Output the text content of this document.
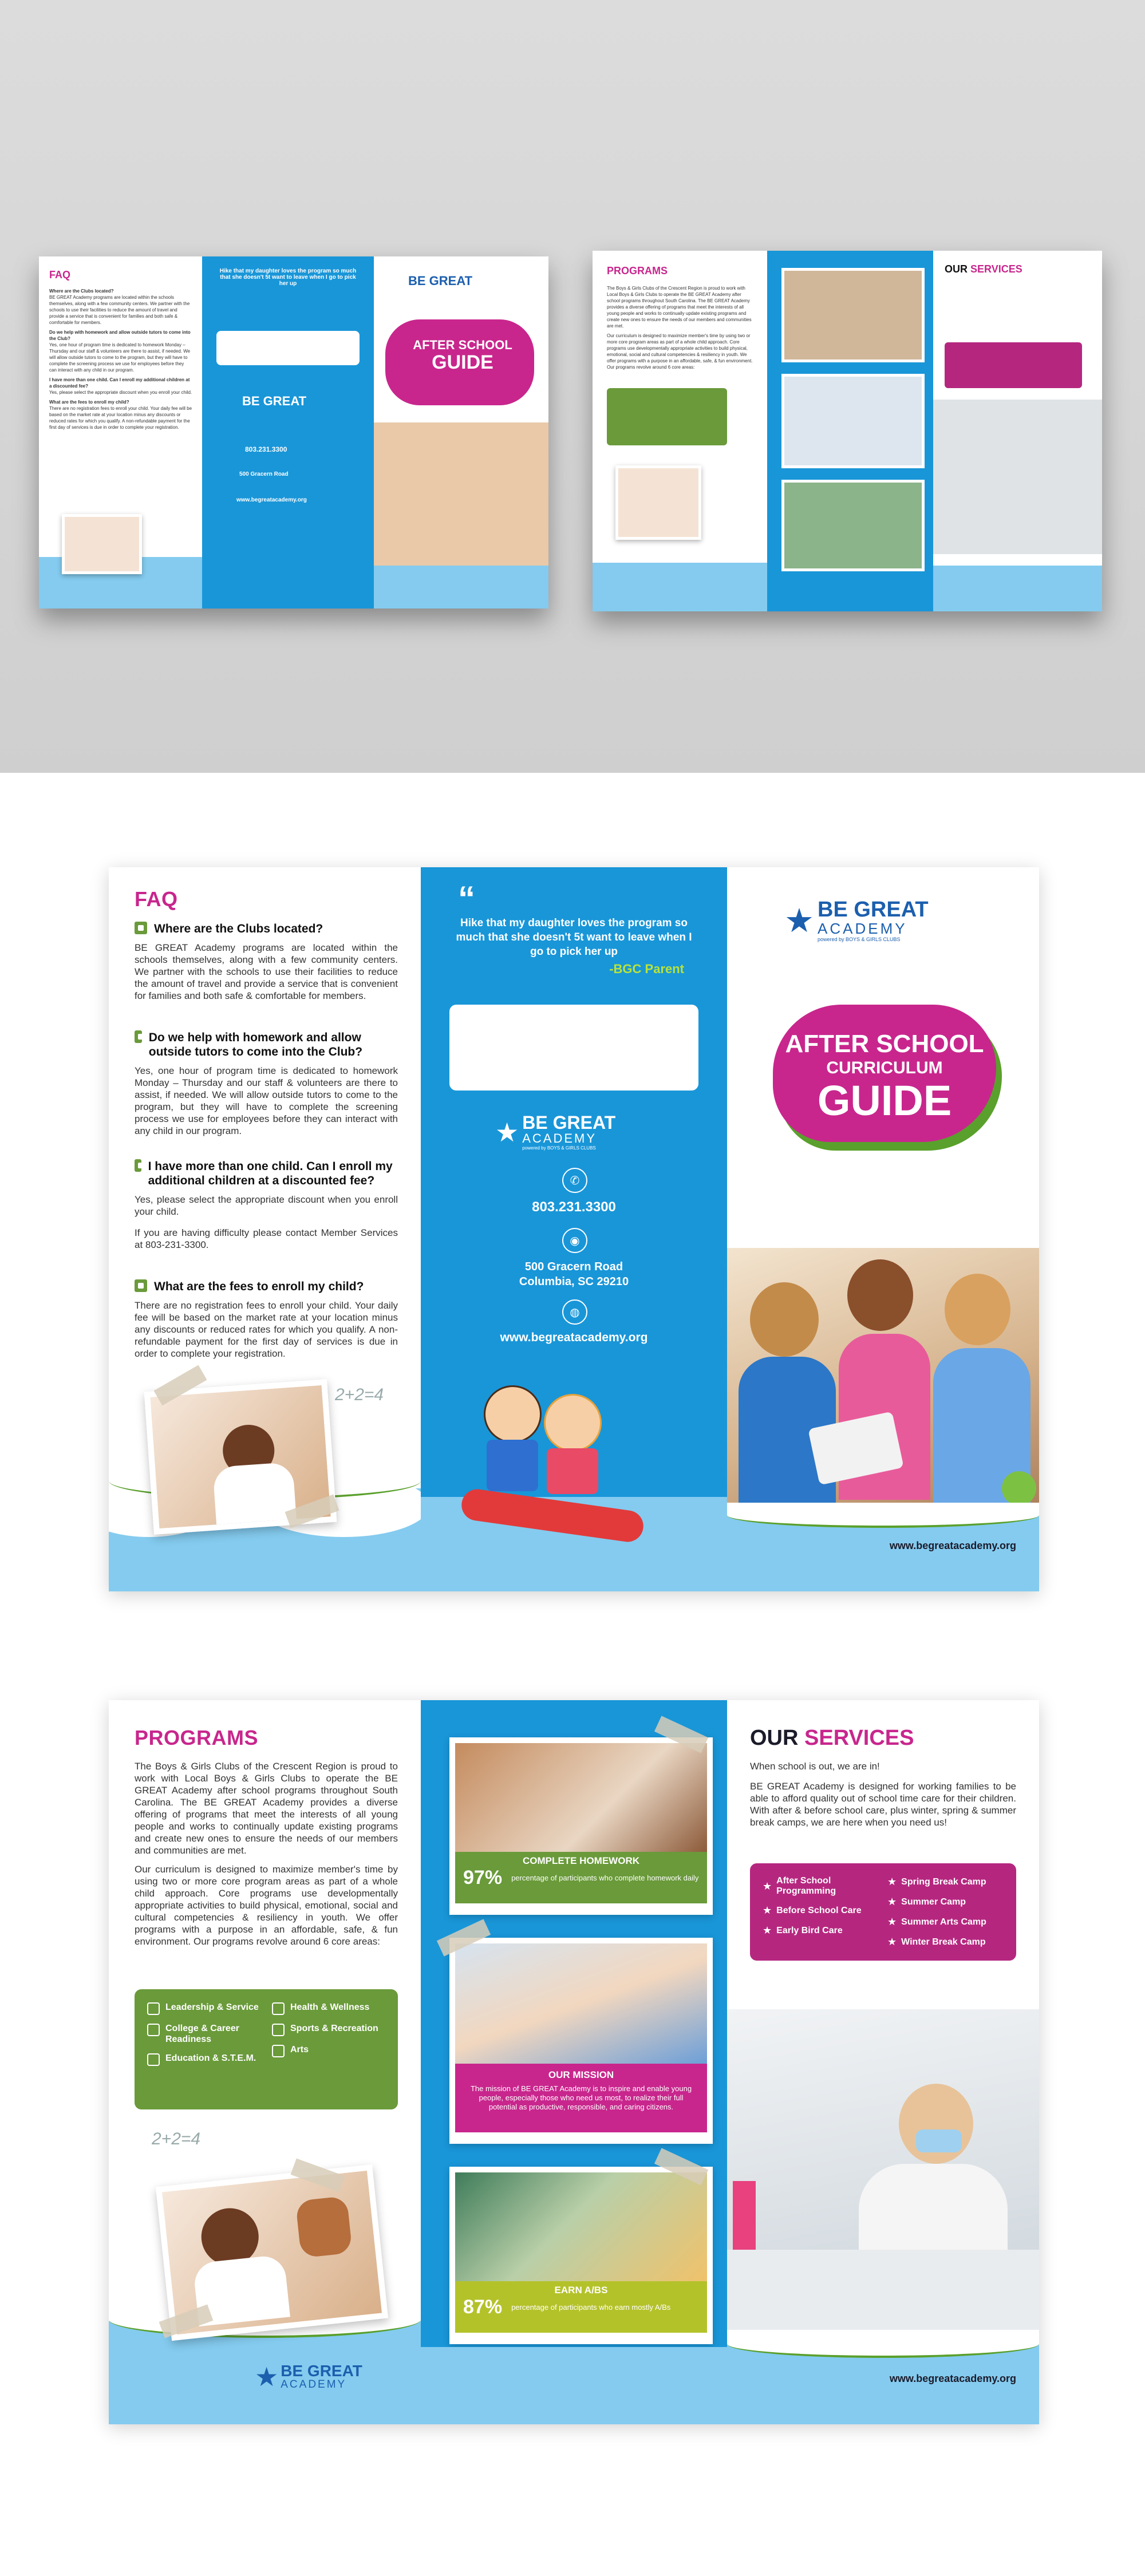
FAQ

Where are the Clubs located?

BE GREAT Academy programs are located within the schools themselves, along with a few community centers. We partner with the schools to use their facilities to reduce the amount of travel and provide a service that is convenient for families and both safe & comfortable for members.

Do we help with homework and allow outside tutors to come into the Club?

Yes, one hour of program time is dedicated to homework Monday – Thursday and our staff & volunteers are there to assist, if needed. We will allow outside tutors to come to the program, but they will have to complete the screening process we use for employees before they can interact with any child in our program.

I have more than one child. Can I enroll my additional children at a discounted fee?

Yes, please select the appropriate discount when you enroll your child.

What are the fees to enroll my child?

There are no registration fees to enroll your child. Your daily fee will be based on the market rate at your location minus any discounts or reduced rates for which you qualify. A non-refundable payment for the first day of services is due in order to complete your registration.

Hike that my daughter loves the program so much that she doesn't 5t want to leave when I go to pick her up
BE GREAT
803.231.3300
500 Gracern Road
www.begreatacademy.org
BE GREAT
AFTER SCHOOL
GUIDE
PROGRAMS

The Boys & Girls Clubs of the Crescent Region is proud to work with Local Boys & Girls Clubs to operate the BE GREAT Academy after school programs throughout South Carolina. The BE GREAT Academy provides a diverse offering of programs that meet the interests of all young people and works to continually update existing programs and create new ones to ensure the needs of our members and communities are met.

Our curriculum is designed to maximize member's time by using two or more core program areas as part of a whole child approach. Core programs use developmentally appropriate activities to build physical, emotional, social and cultural competencies & resiliency in youth. We offer programs with a purpose in an affordable, safe, & fun environment. Our programs revolve around 6 core areas:

OUR SERVICES
FAQ
Where are the Clubs located?

BE GREAT Academy programs are located within the schools themselves, along with a few community centers. We partner with the schools to use their facilities to reduce the amount of travel and provide a service that is convenient for families and both safe & comfortable for members.

Do we help with homework and allow outside tutors to come into the Club?

Yes, one hour of program time is dedicated to homework Monday – Thursday and our staff & volunteers are there to assist, if needed. We will allow outside tutors to come to the program, but they will have to complete the screening process we use for employees before they can interact with any child in our program.

I have more than one child. Can I enroll my additional children at a discounted fee?

Yes, please select the appropriate discount when you enroll your child.

If you are having difficulty please contact Member Services at 803-231-3300.

What are the fees to enroll my child?

There are no registration fees to enroll your child. Your daily fee will be based on the market rate at your location minus any discounts or reduced rates for which you qualify. A non-refundable payment for the first day of services is due in order to complete your registration.

2+2=4
“
Hike that my daughter loves the program so much that she doesn't 5t want to leave when I go to pick her up
-BGC Parent
★ BE GREAT
ACADEMY
powered by BOYS & GIRLS CLUBS
✆
803.231.3300
◉
500 Gracern Road
Columbia, SC 29210
◍
www.begreatacademy.org
★ BE GREAT
ACADEMY
powered by BOYS & GIRLS CLUBS
AFTER SCHOOL
CURRICULUM
GUIDE
www.begreatacademy.org
PROGRAMS

The Boys & Girls Clubs of the Crescent Region is proud to work with Local Boys & Girls Clubs to operate the BE GREAT Academy after school programs throughout South Carolina. The BE GREAT Academy provides a diverse offering of programs that meet the interests of all young people and works to continually update existing programs and create new ones to ensure the needs of our members and communities are met.

Our curriculum is designed to maximize member's time by using two or more core program areas as part of a whole child approach. Core programs use developmentally appropriate activities to build physical, emotional, social and cultural competencies & resiliency in youth. We offer programs with a purpose in an affordable, safe, & fun environment. Our programs revolve around 6 core areas:

Leadership & Service
College & Career Readiness
Education & S.T.E.M.
Health & Wellness
Sports & Recreation
Arts
2+2=4
★ BE GREAT
ACADEMY
COMPLETE HOMEWORK
97% percentage of participants who complete homework daily
OUR MISSION
The mission of BE GREAT Academy is to inspire and enable young people, especially those who need us most, to realize their full potential as productive, responsible, and caring citizens.
EARN A/BS
87% percentage of participants who earn mostly A/Bs
OUR SERVICES

When school is out, we are in!

BE GREAT Academy is designed for working families to be able to afford quality out of school time care for their children. With after & before school care, plus winter, spring & summer break camps, we are here when you need us!

★ After School Programming
★ Before School Care
★ Early Bird Care
★ Spring Break Camp
★ Summer Camp
★ Summer Arts Camp
★ Winter Break Camp
www.begreatacademy.org
